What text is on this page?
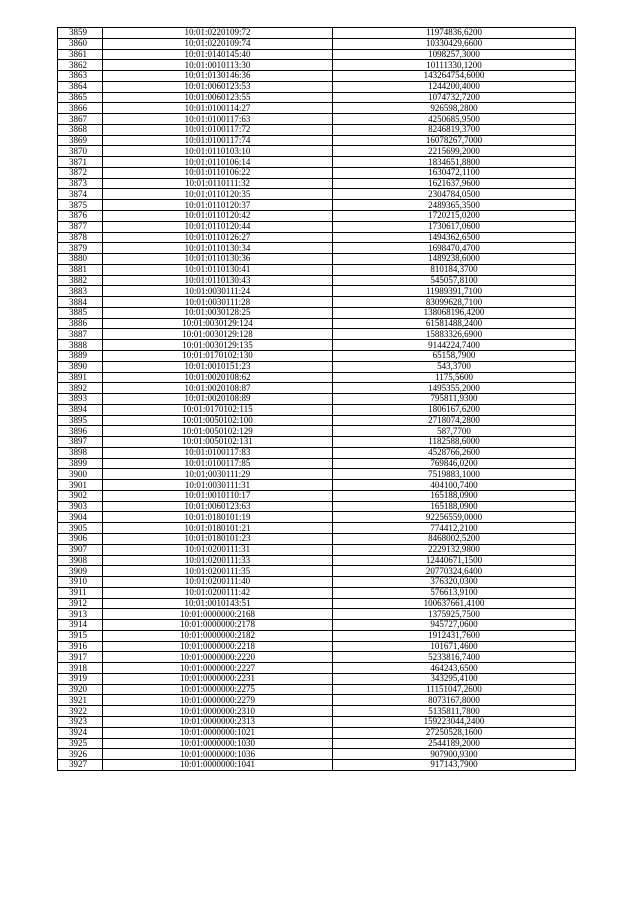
3859	10:01:0220109:72	11974836,6200
3860	10:01:0220109:74	10330429,6600
3861	10:01:0140145:40	1098257,3000
3862	10:01:0010113:30	10111330,1200
3863	10:01:0130146:36	143264754,6000
3864	10:01:0060123:53	1244200,4000
3865	10:01:0060123:55	1074732,7200
3866	10:01:0100114:27	926598,2800
3867	10:01:0100117:63	4250685,9500
3868	10:01:0100117:72	8246819,3700
3869	10:01:0100117:74	16078267,7000
3870	10:01:0110103:10	2215699,2000
3871	10:01:0110106:14	1834651,8800
3872	10:01:0110106:22	1630472,1100
3873	10:01:0110111:32	1621637,9600
3874	10:01:0110120:35	2304784,0500
3875	10:01:0110120:37	2489365,3500
3876	10:01:0110120:42	1720215,0200
3877	10:01:0110120:44	1730617,0600
3878	10:01:0110126:27	1494362,6500
3879	10:01:0110130:34	1698470,4700
3880	10:01:0110130:36	1489238,6000
3881	10:01:0110130:41	810184,3700
3882	10:01:0110130:43	545057,8100
3883	10:01:0030111:24	11989391,7100
3884	10:01:0030111:28	83099628,7100
3885	10:01:0030128:25	138068196,4200
3886	10:01:0030129:124	61581488,2400
3887	10:01:0030129:128	15883326,6900
3888	10:01:0030129:135	9144224,7400
3889	10:01:0170102:130	65158,7900
3890	10:01:0010151:23	543,3700
3891	10:01:0020108:62	1175,5600
3892	10:01:0020108:87	1495355,2000
3893	10:01:0020108:89	795811,9300
3894	10:01:0170102:115	1806167,6200
3895	10:01:0050102:100	2718074,2800
3896	10:01:0050102:129	587,7700
3897	10:01:0050102:131	1182588,6000
3898	10:01:0100117:83	4528766,2600
3899	10:01:0100117:85	769846,0200
3900	10:01:0030111:29	7519883,1000
3901	10:01:0030111:31	404100,7400
3902	10:01:0010110:17	165188,0900
3903	10:01:0060123:63	165188,0900
3904	10:01:0180101:19	92256559,0000
3905	10:01:0180101:21	774412,2100
3906	10:01:0180101:23	8468002,5200
3907	10:01:0200111:31	2229132,9800
3908	10:01:0200111:33	12440671,1500
3909	10:01:0200111:35	20770324,6400
3910	10:01:0200111:40	376320,0300
3911	10:01:0200111:42	576613,9100
3912	10:01:0010143:51	100637661,4100
3913	10:01:0000000:2168	1375925,7500
3914	10:01:0000000:2178	945727,0600
3915	10:01:0000000:2182	1912431,7600
3916	10:01:0000000:2218	101671,4600
3917	10:01:0000000:2220	5233816,7400
3918	10:01:0000000:2227	464243,6500
3919	10:01:0000000:2231	343295,4100
3920	10:01:0000000:2275	11151047,2600
3921	10:01:0000000:2279	8073167,8000
3922	10:01:0000000:2310	5135811,7800
3923	10:01:0000000:2313	159223044,2400
3924	10:01:0000000:1021	27250528,1600
3925	10:01:0000000:1030	2544189,2000
3926	10:01:0000000:1036	907900,9300
3927	10:01:0000000:1041	917143,7900
